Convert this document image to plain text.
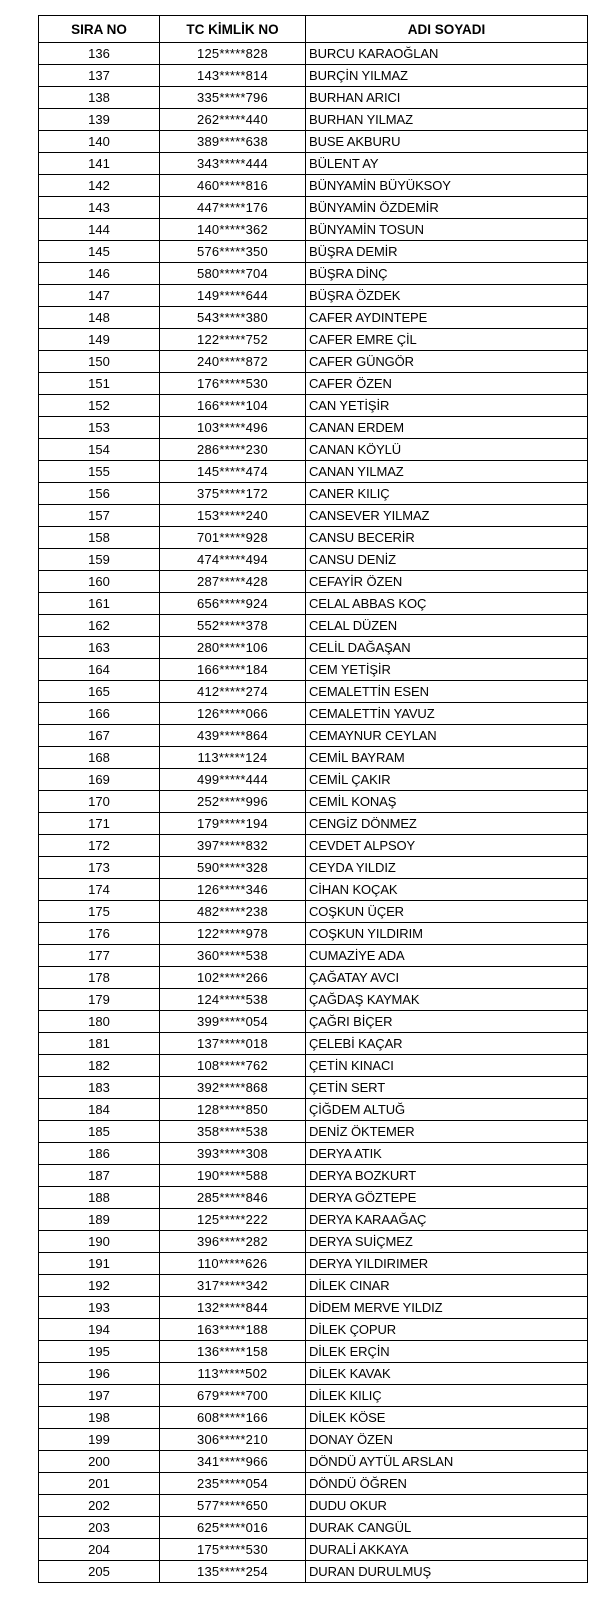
SIRA NO	TC KİMLİK NO	ADI SOYADI
136	125*****828	BURCU KARAOĞLAN
137	143*****814	BURÇİN YILMAZ
138	335*****796	BURHAN ARICI
139	262*****440	BURHAN YILMAZ
140	389*****638	BUSE AKBURU
141	343*****444	BÜLENT AY
142	460*****816	BÜNYAMİN BÜYÜKSOY
143	447*****176	BÜNYAMİN ÖZDEMİR
144	140*****362	BÜNYAMİN TOSUN
145	576*****350	BÜŞRA DEMİR
146	580*****704	BÜŞRA DİNÇ
147	149*****644	BÜŞRA ÖZDEK
148	543*****380	CAFER AYDINTEPE
149	122*****752	CAFER EMRE ÇİL
150	240*****872	CAFER GÜNGÖR
151	176*****530	CAFER ÖZEN
152	166*****104	CAN YETİŞİR
153	103*****496	CANAN ERDEM
154	286*****230	CANAN KÖYLÜ
155	145*****474	CANAN YILMAZ
156	375*****172	CANER KILIÇ
157	153*****240	CANSEVER YILMAZ
158	701*****928	CANSU BECERİR
159	474*****494	CANSU DENİZ
160	287*****428	CEFAYİR ÖZEN
161	656*****924	CELAL ABBAS KOÇ
162	552*****378	CELAL DÜZEN
163	280*****106	CELİL DAĞAŞAN
164	166*****184	CEM YETİŞİR
165	412*****274	CEMALETTİN ESEN
166	126*****066	CEMALETTİN YAVUZ
167	439*****864	CEMAYNUR CEYLAN
168	113*****124	CEMİL BAYRAM
169	499*****444	CEMİL ÇAKIR
170	252*****996	CEMİL KONAŞ
171	179*****194	CENGİZ DÖNMEZ
172	397*****832	CEVDET ALPSOY
173	590*****328	CEYDA YILDIZ
174	126*****346	CİHAN KOÇAK
175	482*****238	COŞKUN ÜÇER
176	122*****978	COŞKUN YILDIRIM
177	360*****538	CUMAZİYE ADA
178	102*****266	ÇAĞATAY AVCI
179	124*****538	ÇAĞDAŞ KAYMAK
180	399*****054	ÇAĞRI BİÇER
181	137*****018	ÇELEBİ KAÇAR
182	108*****762	ÇETİN KINACI
183	392*****868	ÇETİN SERT
184	128*****850	ÇİĞDEM ALTUĞ
185	358*****538	DENİZ ÖKTEMER
186	393*****308	DERYA ATIK
187	190*****588	DERYA BOZKURT
188	285*****846	DERYA GÖZTEPE
189	125*****222	DERYA KARAAĞAÇ
190	396*****282	DERYA SUİÇMEZ
191	110*****626	DERYA YILDIRIMER
192	317*****342	DİLEK CINAR
193	132*****844	DİDEM MERVE YILDIZ
194	163*****188	DİLEK ÇOPUR
195	136*****158	DİLEK ERÇİN
196	113*****502	DİLEK KAVAK
197	679*****700	DİLEK KILIÇ
198	608*****166	DİLEK KÖSE
199	306*****210	DONAY ÖZEN
200	341*****966	DÖNDÜ AYTÜL ARSLAN
201	235*****054	DÖNDÜ ÖĞREN
202	577*****650	DUDU OKUR
203	625*****016	DURAK CANGÜL
204	175*****530	DURALİ AKKAYA
205	135*****254	DURAN DURULMUŞ
